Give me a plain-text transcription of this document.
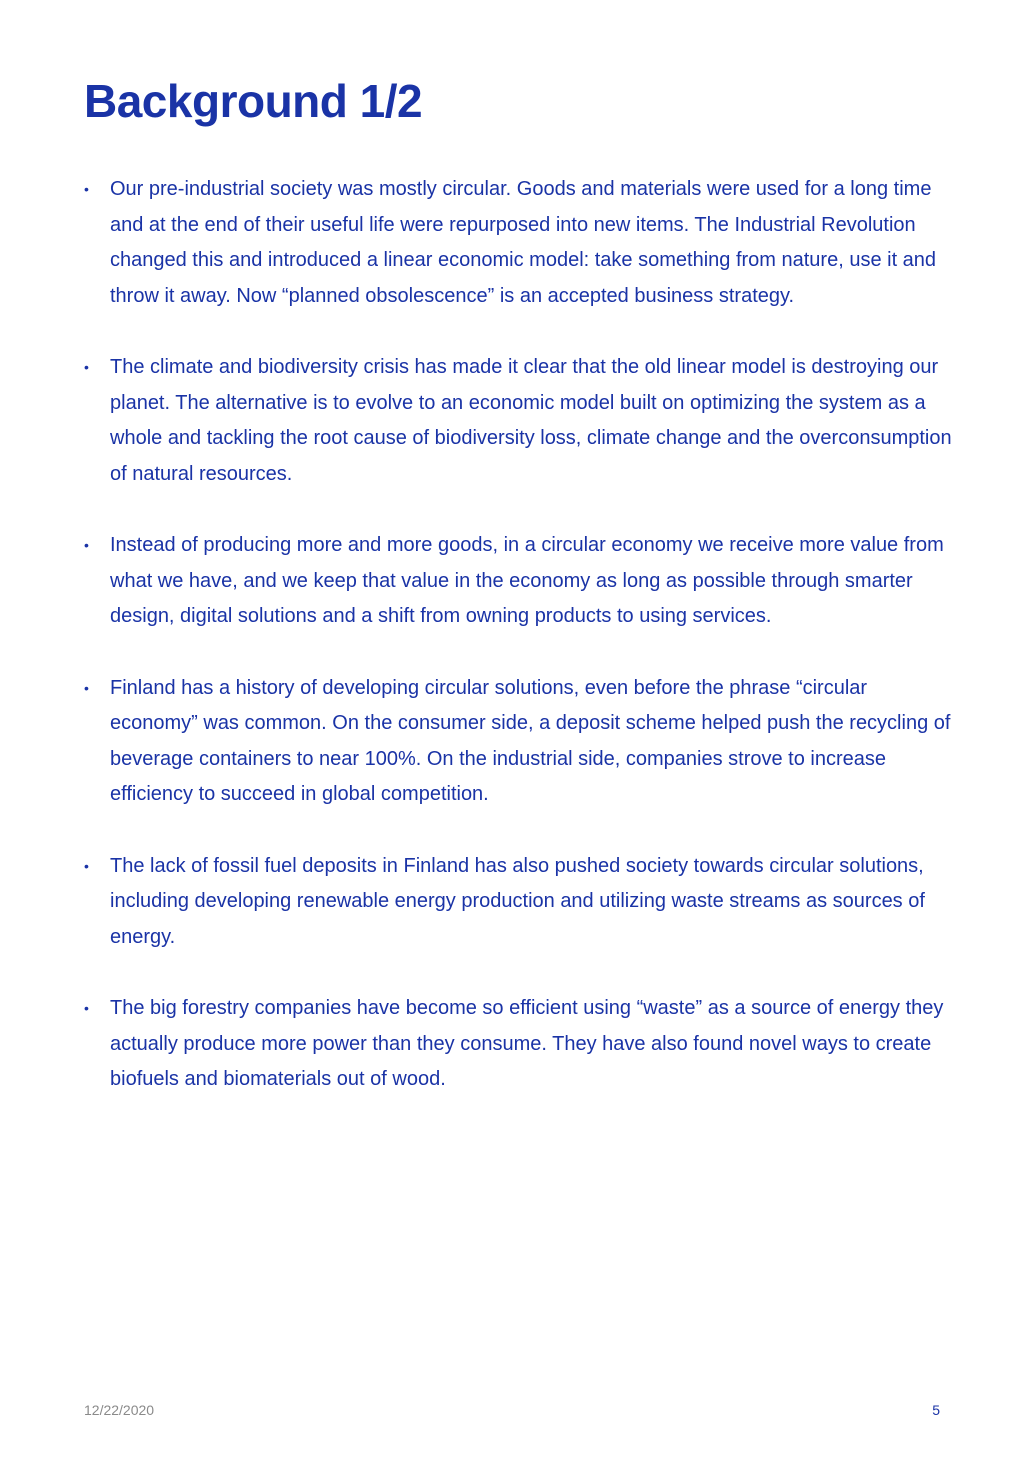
Background 1/2
• Our pre-industrial society was mostly circular. Goods and materials were used for a long time and at the end of their useful life were repurposed into new items. The Industrial Revolution changed this and introduced a linear economic model: take something from nature, use it and throw it away. Now “planned obsolescence” is an accepted business strategy.
• The climate and biodiversity crisis has made it clear that the old linear model is destroying our planet. The alternative is to evolve to an economic model built on optimizing the system as a whole and tackling the root cause of biodiversity loss, climate change and the overconsumption of natural resources.
• Instead of producing more and more goods, in a circular economy we receive more value from what we have, and we keep that value in the economy as long as possible through smarter design, digital solutions and a shift from owning products to using services.
• Finland has a history of developing circular solutions, even before the phrase “circular economy” was common. On the consumer side, a deposit scheme helped push the recycling of beverage containers to near 100%. On the industrial side, companies strove to increase efficiency to succeed in global competition.
• The lack of fossil fuel deposits in Finland has also pushed society towards circular solutions, including developing renewable energy production and utilizing waste streams as sources of energy.
• The big forestry companies have become so efficient using “waste” as a source of energy they actually produce more power than they consume. They have also found novel ways to create biofuels and biomaterials out of wood.
12/22/2020	5
